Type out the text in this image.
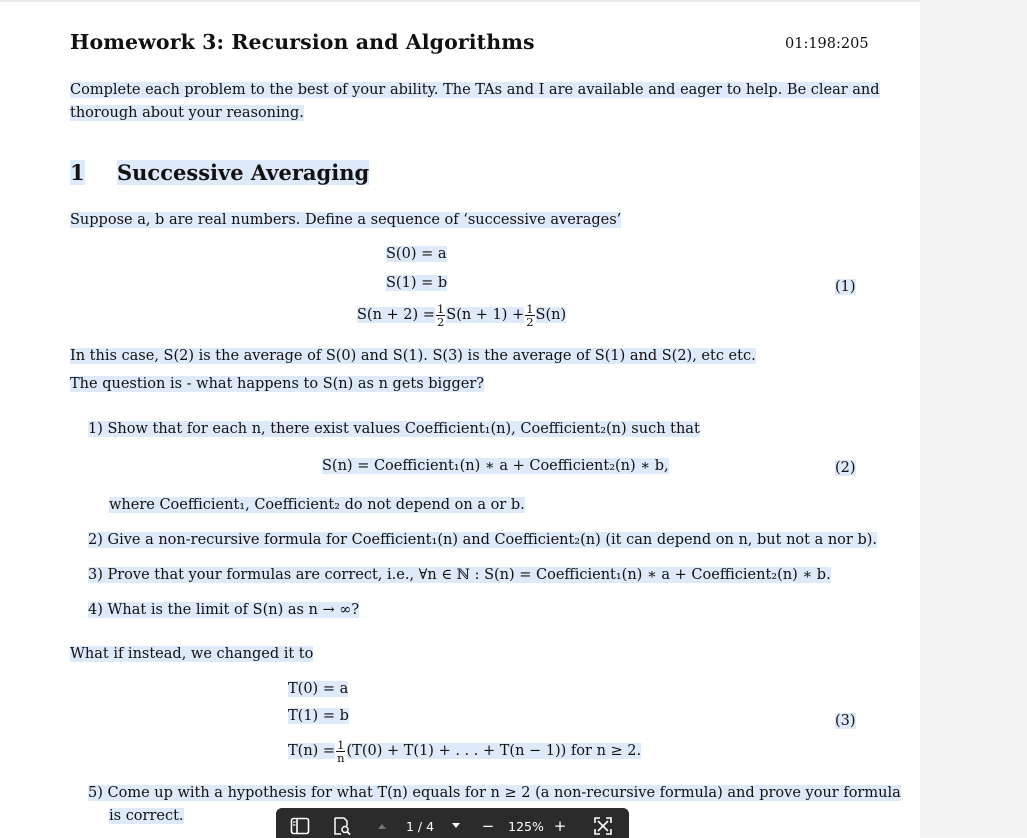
Homework 3: Recursion and Algorithms	01:198:205
Complete each problem to the best of your ability. The TAs and I are available and eager to help. Be clear and
thorough about your reasoning.
1 Successive Averaging
Suppose a, b are real numbers. Define a sequence of ‘successive averages’
S(0) = a
S(1) = b
$S(n + 2) = \frac{1}{2} S(n + 1) + \frac{1}{2} S(n)$
(1)
In this case, S(2) is the average of S(0) and S(1). S(3) is the average of S(1) and S(2), etc etc.
The question is - what happens to S(n) as n gets bigger?
1) Show that for each n, there exist values Coefficient₁(n), Coefficient₂(n) such that
S(n) = Coefficient₁(n) ∗ a + Coefficient₂(n) ∗ b,	(2)
where Coefficient₁, Coefficient₂ do not depend on a or b.
2) Give a non-recursive formula for Coefficient₁(n) and Coefficient₂(n) (it can depend on n, but not a nor b).
3) Prove that your formulas are correct, i.e., ∀n ∈ ℕ : S(n) = Coefficient₁(n) ∗ a + Coefficient₂(n) ∗ b.
4) What is the limit of S(n) as n → ∞?
What if instead, we changed it to
T(0) = a
T(1) = b
$T(n) = \frac{1}{n} (T(0) + T(1)$ + . . . + T(n − 1)) for n ≥ 2.
(3)
5) Come up with a hypothesis for what T(n) equals for n ≥ 2 (a non-recursive formula) and prove your formula
is correct.
1 / 4	− 125% +
